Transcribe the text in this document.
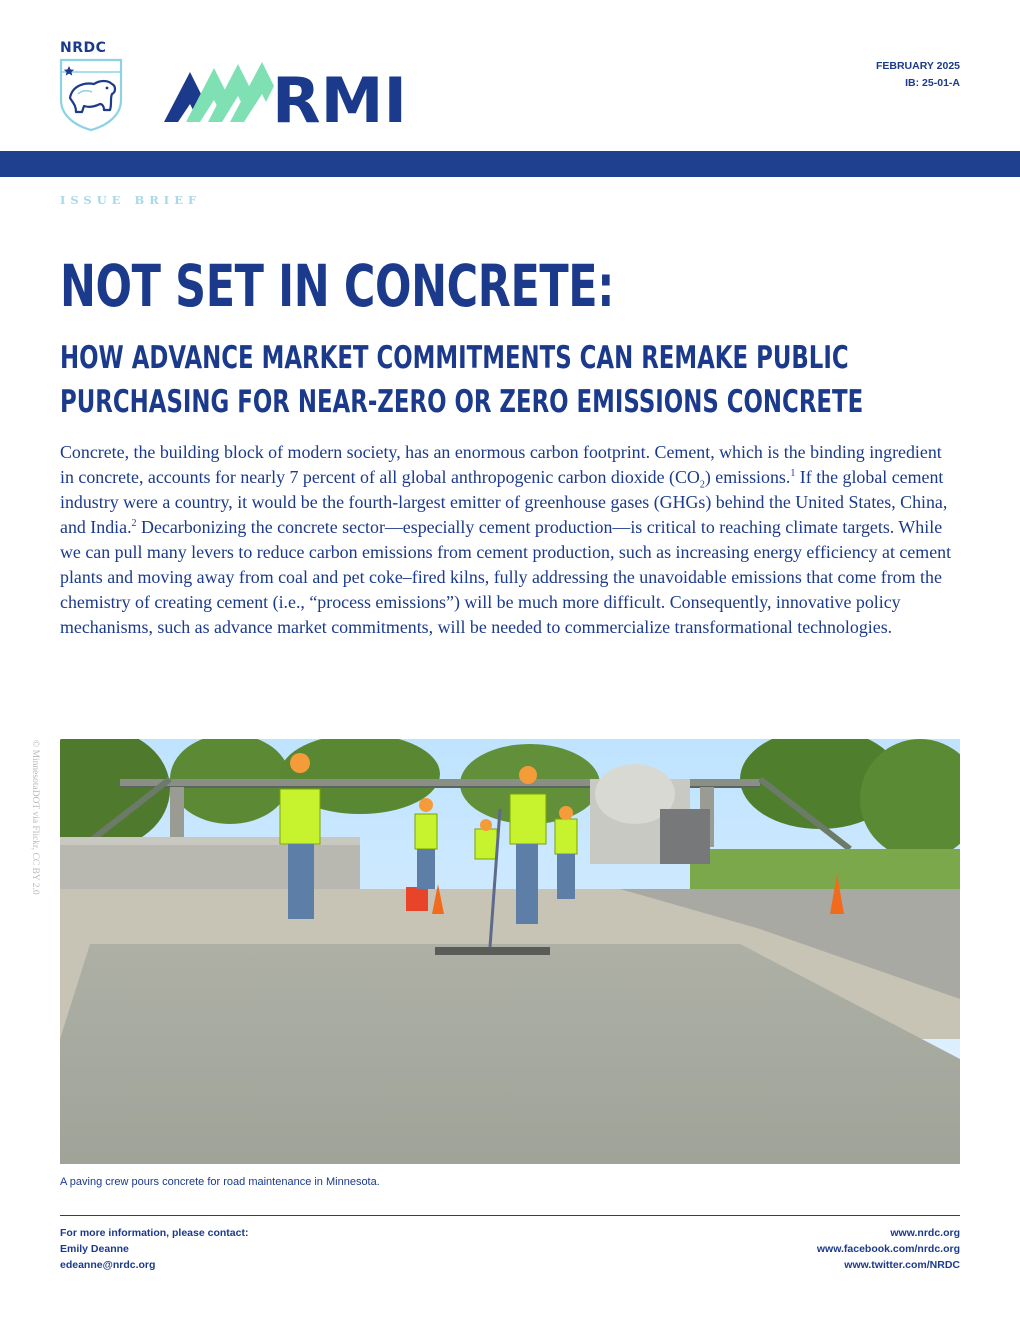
NRDC
RMI	FEBRUARY 2025
IB: 25-01-A
ISSUE BRIEF
NOT SET IN CONCRETE:
HOW ADVANCE MARKET COMMITMENTS CAN REMAKE PUBLIC PURCHASING FOR NEAR-ZERO OR ZERO EMISSIONS CONCRETE

Concrete, the building block of modern society, has an enormous carbon footprint. Cement, which is the binding ingredient in concrete, accounts for nearly 7 percent of all global anthropogenic carbon dioxide $(CO_2)$ emissions.$^1$ If the global cement industry were a country, it would be the fourth-largest emitter of greenhouse gases (GHGs) behind the United States, China, and India.$^2$ Decarbonizing the concrete sector—especially cement production—is critical to reaching climate targets. While we can pull many levers to reduce carbon emissions from cement production, such as increasing energy efficiency at cement plants and moving away from coal and pet coke–fired kilns, fully addressing the unavoidable emissions that come from the chemistry of creating cement (i.e., “process emissions”) will be much more difficult. Consequently, innovative policy mechanisms, such as advance market commitments, will be needed to commercialize transformational technologies.

© MinnesotaDOT via Flickr, CC BY 2.0
A paving crew pours concrete for road maintenance in Minnesota.
For more information, please contact:
Emily Deanne
edeanne@nrdc.org
www.nrdc.org
www.facebook.com/nrdc.org
www.twitter.com/NRDC
